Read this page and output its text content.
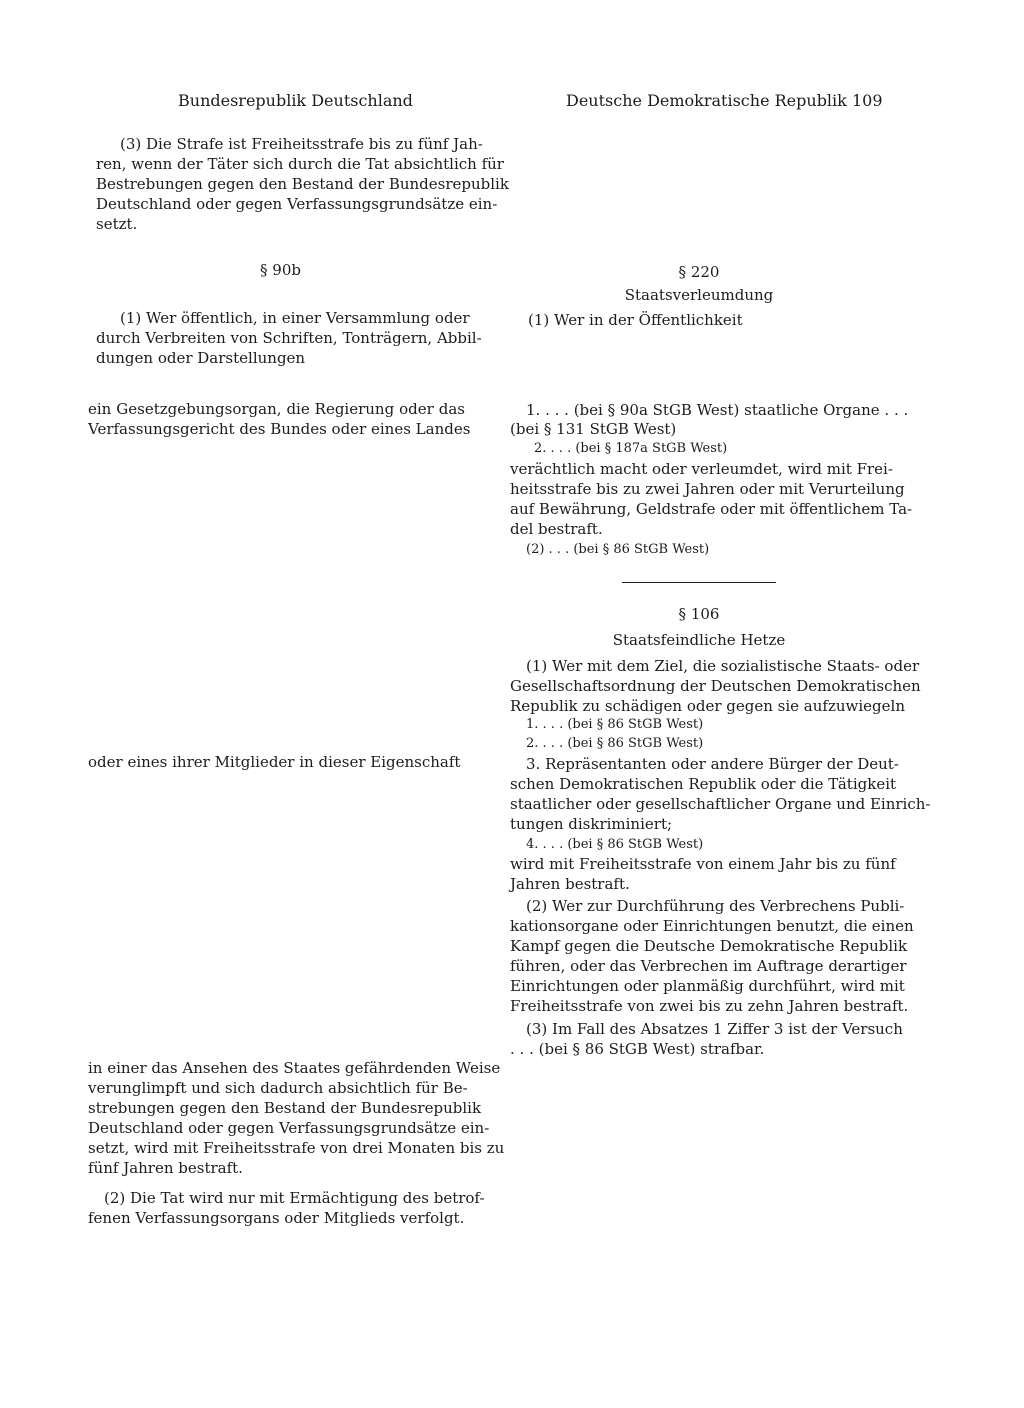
Bundesrepublik Deutschland	Deutsche Demokratische Republik 109
(3) Die Strafe ist Freiheitsstrafe bis zu fünf Jah-
ren, wenn der Täter sich durch die Tat absichtlich für
Bestrebungen gegen den Bestand der Bundesrepublik
Deutschland oder gegen Verfassungsgrundsätze ein-
setzt.
§ 90b
(1) Wer öffentlich, in einer Versammlung oder
durch Verbreiten von Schriften, Tonträgern, Abbil-
dungen oder Darstellungen
ein Gesetzgebungsorgan, die Regierung oder das
Verfassungsgericht des Bundes oder eines Landes
oder eines ihrer Mitglieder in dieser Eigenschaft
in einer das Ansehen des Staates gefährdenden Weise
verunglimpft und sich dadurch absichtlich für Be-
strebungen gegen den Bestand der Bundesrepublik
Deutschland oder gegen Verfassungsgrundsätze ein-
setzt, wird mit Freiheitsstrafe von drei Monaten bis zu
fünf Jahren bestraft.
(2) Die Tat wird nur mit Ermächtigung des betrof-
fenen Verfassungsorgans oder Mitglieds verfolgt.
§ 220
Staatsverleumdung
(1) Wer in der Öffentlichkeit
1. . . . (bei § 90a StGB West) staatliche Organe . . .
(bei § 131 StGB West)
2. . . . (bei § 187a StGB West)
verächtlich macht oder verleumdet, wird mit Frei-
heitsstrafe bis zu zwei Jahren oder mit Verurteilung
auf Bewährung, Geldstrafe oder mit öffentlichem Ta-
del bestraft.
(2) . . . (bei § 86 StGB West)
§ 106
Staatsfeindliche Hetze
(1) Wer mit dem Ziel, die sozialistische Staats- oder
Gesellschaftsordnung der Deutschen Demokratischen
Republik zu schädigen oder gegen sie aufzuwiegeln
1. . . . (bei § 86 StGB West)
2. . . . (bei § 86 StGB West)
3. Repräsentanten oder andere Bürger der Deut-
schen Demokratischen Republik oder die Tätigkeit
staatlicher oder gesellschaftlicher Organe und Einrich-
tungen diskriminiert;
4. . . . (bei § 86 StGB West)
wird mit Freiheitsstrafe von einem Jahr bis zu fünf
Jahren bestraft.
(2) Wer zur Durchführung des Verbrechens Publi-
kationsorgane oder Einrichtungen benutzt, die einen
Kampf gegen die Deutsche Demokratische Republik
führen, oder das Verbrechen im Auftrage derartiger
Einrichtungen oder planmäßig durchführt, wird mit
Freiheitsstrafe von zwei bis zu zehn Jahren bestraft.
(3) Im Fall des Absatzes 1 Ziffer 3 ist der Versuch
. . . (bei § 86 StGB West) strafbar.
